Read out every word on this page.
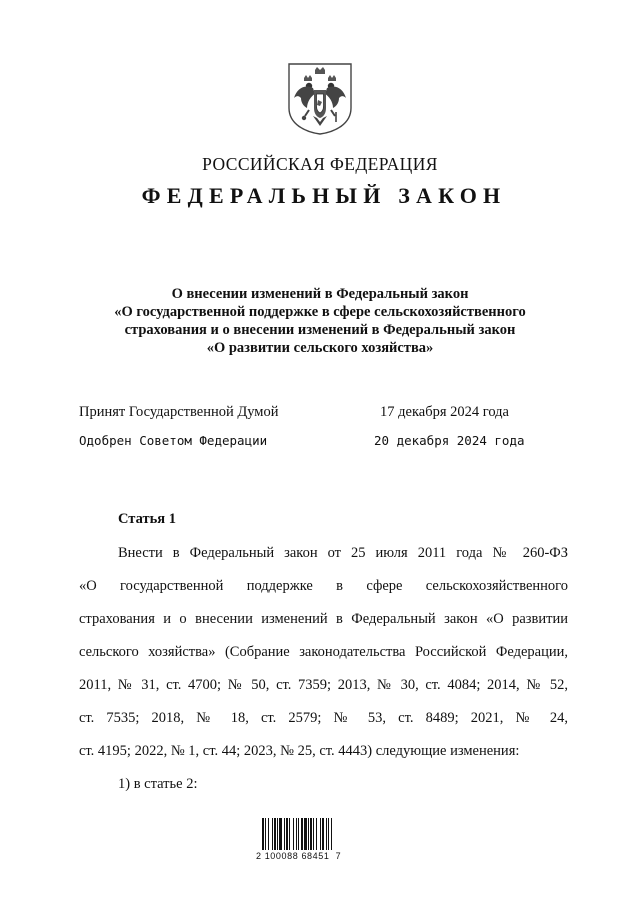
РОССИЙСКАЯ ФЕДЕРАЦИЯ
ФЕДЕРАЛЬНЫЙ ЗАКОН
О внесении изменений в Федеральный закон
«О государственной поддержке в сфере сельскохозяйственного
страхования и о внесении изменений в Федеральный закон
«О развитии сельского хозяйства»
Принят Государственной Думой	17 декабря 2024 года
Одобрен Советом Федерации	20 декабря 2024 года
Статья 1
Внести в Федеральный закон от 25 июля 2011 года № 260-ФЗ
«О государственной поддержке в сфере сельскохозяйственного
страхования и о внесении изменений в Федеральный закон «О развитии
сельского хозяйства» (Собрание законодательства Российской Федерации,
2011, № 31, ст. 4700; № 50, ст. 7359; 2013, № 30, ст. 4084; 2014, № 52,
ст. 7535; 2018, № 18, ст. 2579; № 53, ст. 8489; 2021, № 24,
ст. 4195; 2022, № 1, ст. 44; 2023, № 25, ст. 4443) следующие изменения:
1) в статье 2:
2 100088 68451  7
